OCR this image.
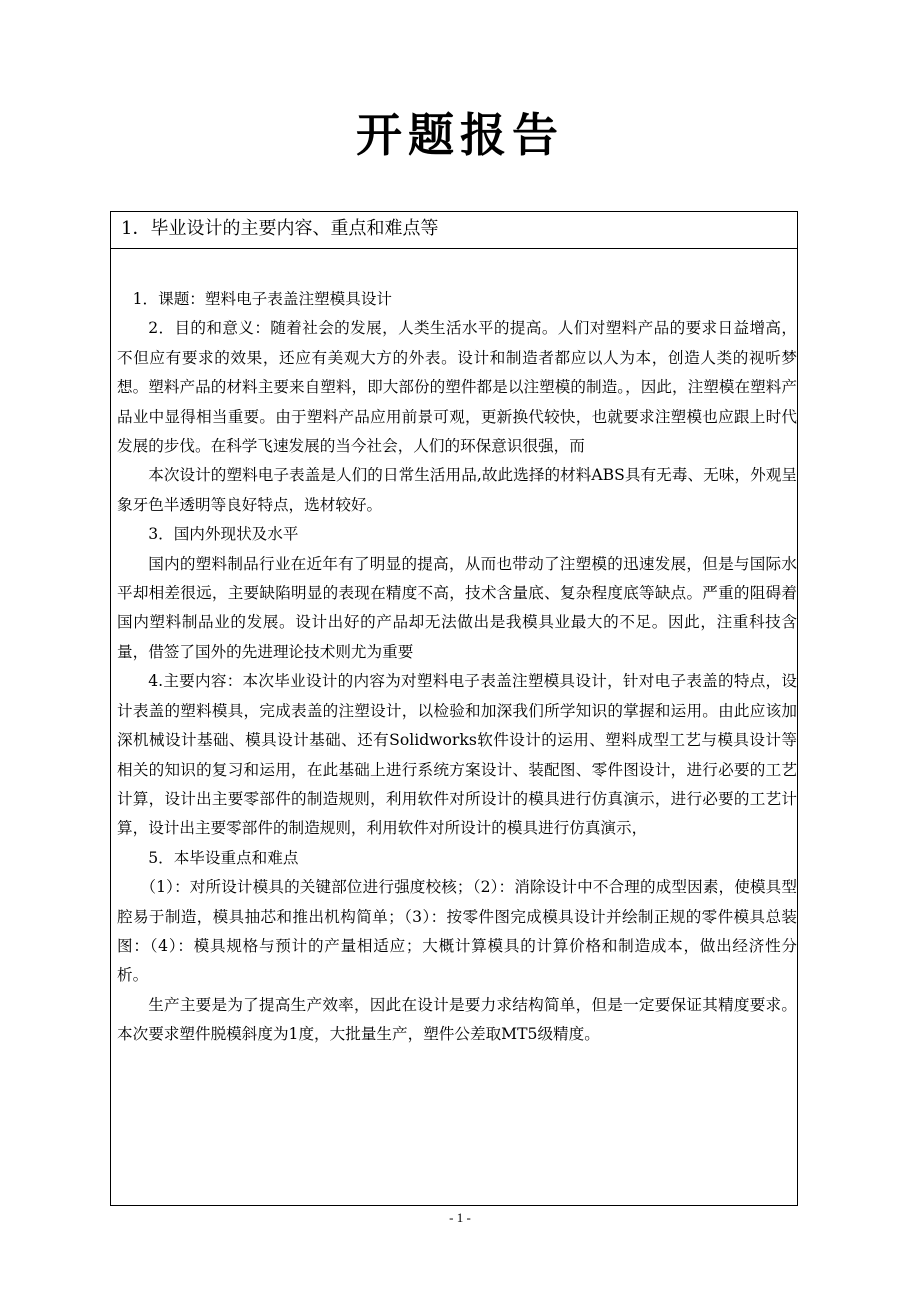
开题报告
1．毕业设计的主要内容、重点和难点等

1．课题：塑料电子表盖注塑模具设计

2．目的和意义：随着社会的发展，人类生活水平的提高。人们对塑料产品的要求日益增高，不但应有要求的效果，还应有美观大方的外表。设计和制造者都应以人为本，创造人类的视听梦想。塑料产品的材料主要来自塑料，即大部份的塑件都是以注塑模的制造。，因此，注塑模在塑料产品业中显得相当重要。由于塑料产品应用前景可观，更新换代较快，也就要求注塑模也应跟上时代发展的步伐。在科学飞速发展的当今社会，人们的环保意识很强，而

本次设计的塑料电子表盖是人们的日常生活用品,故此选择的材料ABS具有无毒、无味，外观呈象牙色半透明等良好特点，选材较好。

3．国内外现状及水平

国内的塑料制品行业在近年有了明显的提高，从而也带动了注塑模的迅速发展，但是与国际水平却相差很远，主要缺陷明显的表现在精度不高，技术含量底、复杂程度底等缺点。严重的阻碍着国内塑料制品业的发展。设计出好的产品却无法做出是我模具业最大的不足。因此，注重科技含量，借签了国外的先进理论技术则尤为重要

4.主要内容：本次毕业设计的内容为对塑料电子表盖注塑模具设计，针对电子表盖的特点，设计表盖的塑料模具，完成表盖的注塑设计，以检验和加深我们所学知识的掌握和运用。由此应该加深机械设计基础、模具设计基础、还有Solidworks软件设计的运用、塑料成型工艺与模具设计等相关的知识的复习和运用，在此基础上进行系统方案设计、装配图、零件图设计，进行必要的工艺计算，设计出主要零部件的制造规则，利用软件对所设计的模具进行仿真演示，进行必要的工艺计算，设计出主要零部件的制造规则，利用软件对所设计的模具进行仿真演示，

5．本毕设重点和难点

（1）：对所设计模具的关键部位进行强度校核；（2）：消除设计中不合理的成型因素，使模具型腔易于制造，模具抽芯和推出机构简单；（3）：按零件图完成模具设计并绘制正规的零件模具总装图：（4）：模具规格与预计的产量相适应；大概计算模具的计算价格和制造成本，做出经济性分析。

生产主要是为了提高生产效率，因此在设计是要力求结构简单，但是一定要保证其精度要求。本次要求塑件脱模斜度为1度，大批量生产，塑件公差取MT5级精度。

- 1 -
